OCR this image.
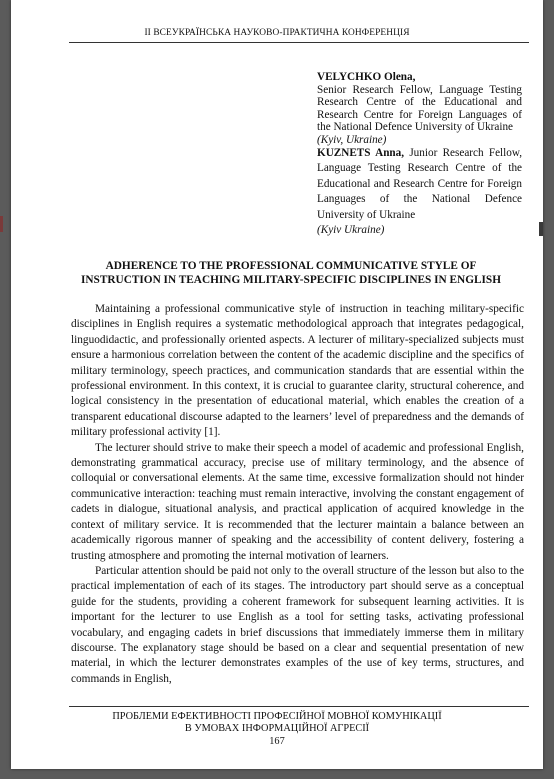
ІІ ВСЕУКРАЇНСЬКА НАУКОВО-ПРАКТИЧНА КОНФЕРЕНЦІЯ
VELYCHKO Olena,
Senior Research Fellow, Language Testing Research Centre of the Educational and Research Centre for Foreign Languages of the National Defence University of Ukraine
(Kyiv, Ukraine)
KUZNETS Anna, Junior Research Fellow, Language Testing Research Centre of the Educational and Research Centre for Foreign Languages of the National Defence University of Ukraine
(Kyiv Ukraine)
ADHERENCE TO THE PROFESSIONAL COMMUNICATIVE STYLE OF INSTRUCTION IN TEACHING MILITARY-SPECIFIC DISCIPLINES IN ENGLISH

Maintaining a professional communicative style of instruction in teaching military-specific disciplines in English requires a systematic methodological approach that integrates pedagogical, linguodidactic, and professionally oriented aspects. A lecturer of military-specialized subjects must ensure a harmonious correlation between the content of the academic discipline and the specifics of military terminology, speech practices, and communication standards that are essential within the professional environment. In this context, it is crucial to guarantee clarity, structural coherence, and logical consistency in the presentation of educational material, which enables the creation of a transparent educational discourse adapted to the learners’ level of preparedness and the demands of military professional activity [1].

The lecturer should strive to make their speech a model of academic and professional English, demonstrating grammatical accuracy, precise use of military terminology, and the absence of colloquial or conversational elements. At the same time, excessive formalization should not hinder communicative interaction: teaching must remain interactive, involving the constant engagement of cadets in dialogue, situational analysis, and practical application of acquired knowledge in the context of military service. It is recommended that the lecturer maintain a balance between an academically rigorous manner of speaking and the accessibility of content delivery, fostering a trusting atmosphere and promoting the internal motivation of learners.

Particular attention should be paid not only to the overall structure of the lesson but also to the practical implementation of each of its stages. The introductory part should serve as a conceptual guide for the students, providing a coherent framework for subsequent learning activities. It is important for the lecturer to use English as a tool for setting tasks, activating professional vocabulary, and engaging cadets in brief discussions that immediately immerse them in military discourse. The explanatory stage should be based on a clear and sequential presentation of new material, in which the lecturer demonstrates examples of the use of key terms, structures, and commands in English,

ПРОБЛЕМИ ЕФЕКТИВНОСТІ ПРОФЕСІЙНОЇ МОВНОЇ КОМУНІКАЦІЇ
В УМОВАХ ІНФОРМАЦІЙНОЇ АГРЕСІЇ
167
